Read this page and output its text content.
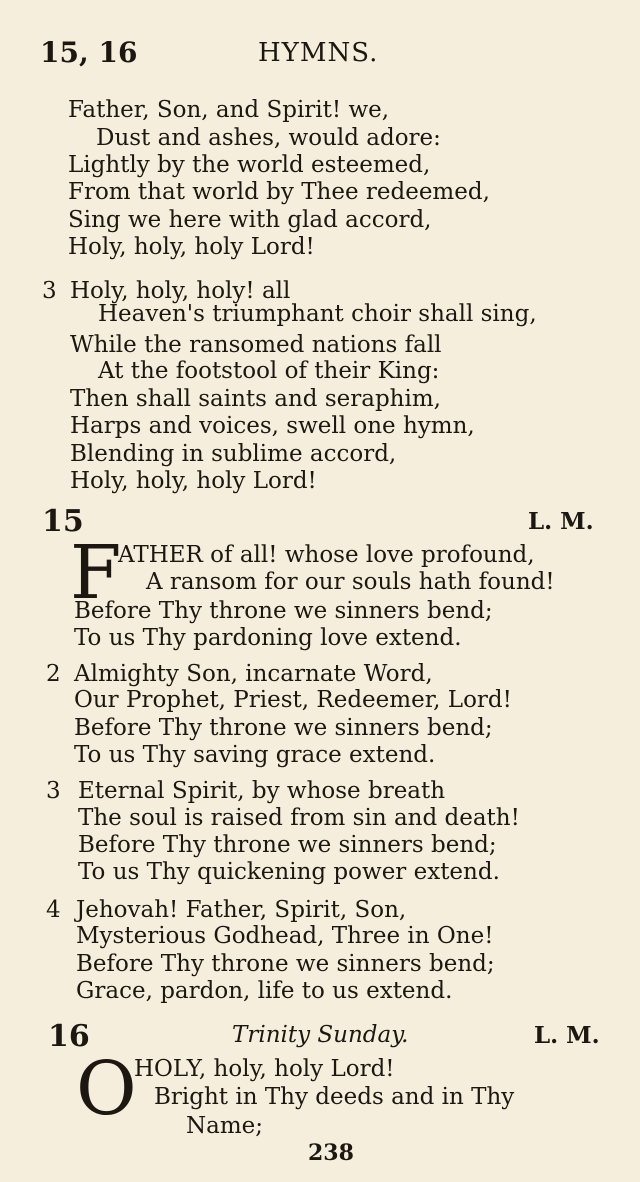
15, 16	HYMNS.
Father, Son, and Spirit! we,
Dust and ashes, would adore:
Lightly by the world esteemed,
From that world by Thee redeemed,
Sing we here with glad accord,
Holy, holy, holy Lord!
3 Holy, holy, holy! all
Heaven's triumphant choir shall sing,
While the ransomed nations fall
At the footstool of their King:
Then shall saints and seraphim,
Harps and voices, swell one hymn,
Blending in sublime accord,
Holy, holy, holy Lord!
15	L. M.
F
ATHER of all! whose love profound,
A ransom for our souls hath found!
Before Thy throne we sinners bend;
To us Thy pardoning love extend.
2 Almighty Son, incarnate Word,
Our Prophet, Priest, Redeemer, Lord!
Before Thy throne we sinners bend;
To us Thy saving grace extend.
3 Eternal Spirit, by whose breath
The soul is raised from sin and death!
Before Thy throne we sinners bend;
To us Thy quickening power extend.
4 Jehovah! Father, Spirit, Son,
Mysterious Godhead, Three in One!
Before Thy throne we sinners bend;
Grace, pardon, life to us extend.
16	Trinity Sunday.	L. M.
O
HOLY, holy, holy Lord!
Bright in Thy deeds and in Thy
Name;
238
